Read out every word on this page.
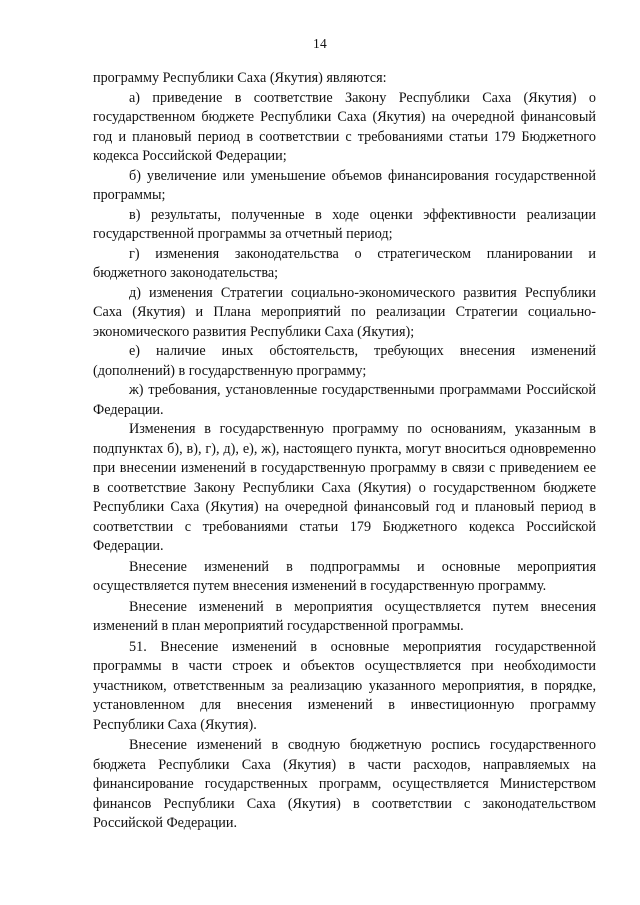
14

программу Республики Саха (Якутия) являются:

а) приведение в соответствие Закону Республики Саха (Якутия) о государственном бюджете Республики Саха (Якутия) на очередной финансовый год и плановый период в соответствии с требованиями статьи 179 Бюджетного кодекса Российской Федерации;

б) увеличение или уменьшение объемов финансирования государственной программы;

в) результаты, полученные в ходе оценки эффективности реализации государственной программы за отчетный период;

г) изменения законодательства о стратегическом планировании и бюджетного законодательства;

д) изменения Стратегии социально-экономического развития Республики Саха (Якутия) и Плана мероприятий по реализации Стратегии социально-экономического развития Республики Саха (Якутия);

е) наличие иных обстоятельств, требующих внесения изменений (дополнений) в государственную программу;

ж) требования, установленные государственными программами Российской Федерации.

Изменения в государственную программу по основаниям, указанным в подпунктах б), в), г), д), е), ж), настоящего пункта, могут вноситься одновременно при внесении изменений в государственную программу в связи с приведением ее в соответствие Закону Республики Саха (Якутия) о государственном бюджете Республики Саха (Якутия) на очередной финансовый год и плановый период в соответствии с требованиями статьи 179 Бюджетного кодекса Российской Федерации.

Внесение изменений в подпрограммы и основные мероприятия осуществляется путем внесения изменений в государственную программу.

Внесение изменений в мероприятия осуществляется путем внесения изменений в план мероприятий государственной программы.

51. Внесение изменений в основные мероприятия государственной программы в части строек и объектов осуществляется при необходимости участником, ответственным за реализацию указанного мероприятия, в порядке, установленном для внесения изменений в инвестиционную программу Республики Саха (Якутия).

Внесение изменений в сводную бюджетную роспись государственного бюджета Республики Саха (Якутия) в части расходов, направляемых на финансирование государственных программ, осуществляется Министерством финансов Республики Саха (Якутия) в соответствии с законодательством Российской Федерации.
